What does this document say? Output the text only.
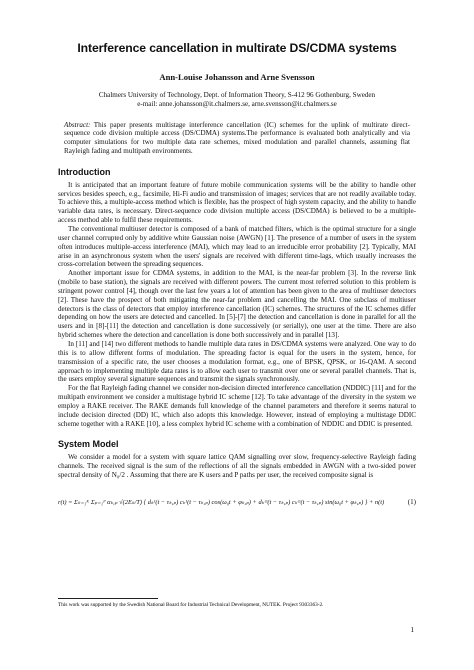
Interference cancellation in multirate DS/CDMA systems
Ann-Louise Johansson and Arne Svensson
Chalmers University of Technology, Dept. of Information Theory, S-412 96 Gothenburg, Sweden
e-mail: anne.johansson@it.chalmers.se, arne.svensson@it.chalmers.se
Abstract: This paper presents multistage interference cancellation (IC) schemes for the uplink of multirate direct-sequence code division multiple access (DS/CDMA) systems.The performance is evaluated both analytically and via computer simulations for two multiple data rate schemes, mixed modulation and parallel channels, assuming flat Rayleigh fading and multipath environments.
Introduction

It is anticipated that an important feature of future mobile communication systems will be the ability to handle other services besides speech, e.g., facsimile, Hi-Fi audio and transmission of images; services that are not readily available today. To achieve this, a multiple-access method which is flexible, has the prospect of high system capacity, and the ability to handle variable data rates, is necessary. Direct-sequence code division multiple access (DS/CDMA) is believed to be a multiple-access method able to fulfil these requirements.

The conventional multiuser detector is composed of a bank of matched filters, which is the optimal structure for a single user channel corrupted only by additive white Gaussian noise (AWGN) [1]. The presence of a number of users in the system often introduces multiple-access interference (MAI), which may lead to an irreducible error probability [2]. Typically, MAI arise in an asynchronous system when the users' signals are received with different time-lags, which usually increases the cross-correlation between the spreading sequences.

Another important issue for CDMA systems, in addition to the MAI, is the near-far problem [3]. In the reverse link (mobile to base station), the signals are received with different powers. The current most referred solution to this problem is stringent power control [4], though over the last few years a lot of attention has been given to the area of multiuser detectors [2]. These have the prospect of both mitigating the near-far problem and cancelling the MAI. One subclass of multiuser detectors is the class of detectors that employ interference cancellation (IC) schemes. The structures of the IC schemes differ depending on how the users are detected and cancelled. In [5]-[7] the detection and cancellation is done in parallel for all the users and in [8]-[11] the detection and cancellation is done successively (or serially), one user at the time. There are also hybrid schemes where the detection and cancellation is done both successively and in parallel [13].

In [11] and [14] two different methods to handle multiple data rates in DS/CDMA systems were analyzed. One way to do this is to allow different forms of modulation. The spreading factor is equal for the users in the system, hence, for transmission of a specific rate, the user chooses a modulation format, e.g., one of BPSK, QPSK, or 16-QAM. A second approach to implementing multiple data rates is to allow each user to transmit over one or several parallel channels. That is, the users employ several signature sequences and transmit the signals synchronously.

For the flat Rayleigh fading channel we consider non-decision directed interference cancellation (NDDIC) [11] and for the multipath environment we consider a multistage hybrid IC scheme [12]. To take advantage of the diversity in the system we employ a RAKE receiver. The RAKE demands full knowledge of the channel parameters and therefore it seems natural to include decision directed (DD) IC, which also adopts this knowledge. However, instead of employing a multistage DDIC scheme together with a RAKE [10], a less complex hybrid IC scheme with a combination of NDDIC and DDIC is presented.

System Model

We consider a model for a system with square lattice QAM signalling over slow, frequency-selective Rayleigh fading channels. The received signal is the sum of the reflections of all the signals embedded in AWGN with a two-sided power spectral density of N₀/2 . Assuming that there are K users and P paths per user, the received composite signal is

r(t) = Σₖ₌₁ᴷ Σₚ₌₁ᴾ αₖ,ₚ √(2Eₖ/T) { dₖᴵ(t − τₖ,ₚ) cₖᴵ(t − τₖ,ₚ) cos(ω₀t + φₖ,ₚ) + dₖᴼ(t − τₖ,ₚ) cₖᴼ(t − τₖ,ₚ) sin(ω₀t + φₖ,ₚ) } + n(t)	(1)
This work was supported by the Swedish National Board for Industrial Technical Development, NUTEK. Project 9303363-2.
1
